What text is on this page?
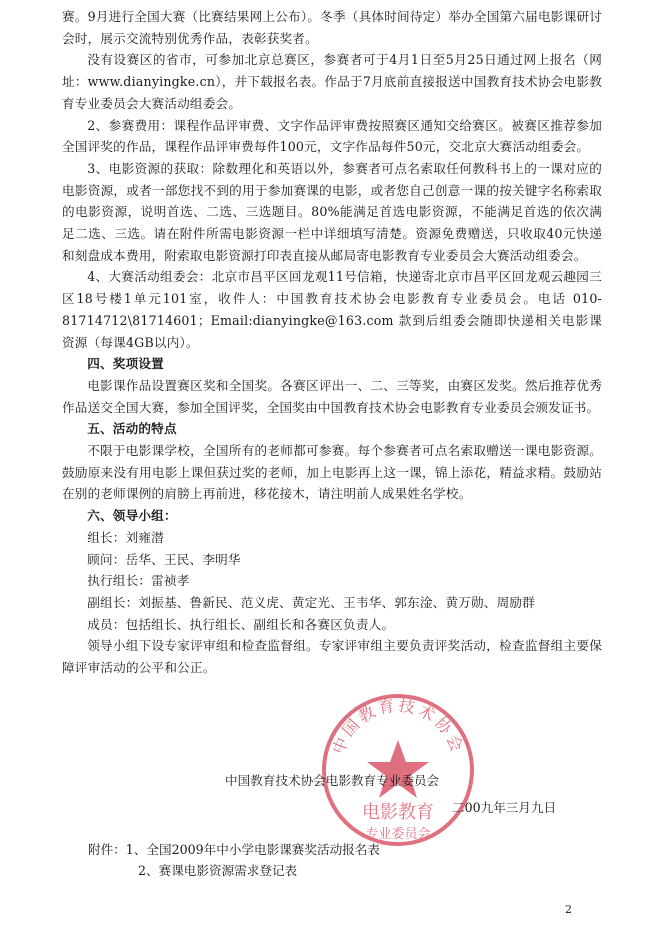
赛。9月进行全国大赛（比赛结果网上公布）。冬季（具体时间待定）举办全国第六届电影课研讨会时，展示交流特别优秀作品，表彰获奖者。

没有设赛区的省市，可参加北京总赛区，参赛者可于4月1日至5月25日通过网上报名（网址：www.dianyingke.cn），并下载报名表。作品于7月底前直接报送中国教育技术协会电影教育专业委员会大赛活动组委会。

2、参赛费用：课程作品评审费、文字作品评审费按照赛区通知交给赛区。被赛区推荐参加全国评奖的作品，课程作品评审费每件100元，文字作品每件50元，交北京大赛活动组委会。

3、电影资源的获取：除数理化和英语以外，参赛者可点名索取任何教科书上的一课对应的电影资源，或者一部您找不到的用于参加赛课的电影，或者您自己创意一课的按关键字名称索取的电影资源，说明首选、二选、三选题目。80%能满足首选电影资源，不能满足首选的依次满足二选、三选。请在附件所需电影资源一栏中详细填写清楚。资源免费赠送，只收取40元快递和刻盘成本费用，附索取电影资源打印表直接从邮局寄电影教育专业委员会大赛活动组委会。

4、大赛活动组委会：北京市昌平区回龙观11号信箱，快递寄北京市昌平区回龙观云趣园三区18号楼1单元101室，收件人：中国教育技术协会电影教育专业委员会。电话 010-81714712\81714601；Email:dianyingke@163.com 款到后组委会随即快递相关电影课资源（每课4GB以内）。

四、奖项设置

电影课作品设置赛区奖和全国奖。各赛区评出一、二、三等奖，由赛区发奖。然后推荐优秀作品送交全国大赛，参加全国评奖，全国奖由中国教育技术协会电影教育专业委员会颁发证书。

五、活动的特点

不限于电影课学校，全国所有的老师都可参赛。每个参赛者可点名索取赠送一课电影资源。鼓励原来没有用电影上课但获过奖的老师，加上电影再上这一课，锦上添花，精益求精。鼓励站在别的老师课例的肩膀上再前进，移花接木，请注明前人成果姓名学校。

六、领导小组：

组长：刘雍潜

顾问：岳华、王民、李明华

执行组长：雷祯孝

副组长：刘振基、鲁新民、范义虎、黄定光、王韦华、郭东淦、黄万勋、周励群

成员：包括组长、执行组长、副组长和各赛区负责人。

领导小组下设专家评审组和检查监督组。专家评审组主要负责评奖活动，检查监督组主要保障评审活动的公平和公正。

中国教育技术协会
电影教育
专业委员会
中国教育技术协会电影教育专业委员会
二00九年三月九日
附件：1、全国2009年中小学电影课赛奖活动报名表
2、赛课电影资源需求登记表
2
